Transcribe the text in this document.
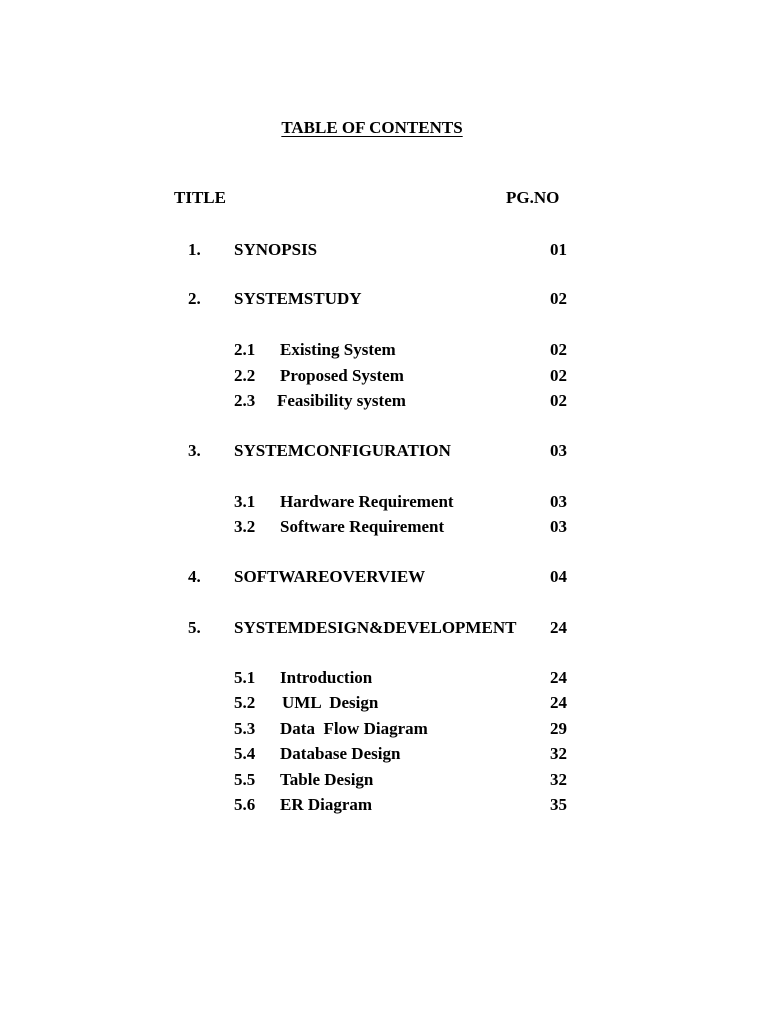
TABLE OF CONTENTS
TITLE	PG.NO
1. SYNOPSIS	01
2. SYSTEMSTUDY	02
2.1 Existing System	02
2.2 Proposed System	02
2.3 Feasibility system	02
3. SYSTEMCONFIGURATION	03
3.1 Hardware Requirement	03
3.2 Software Requirement	03
4. SOFTWAREOVERVIEW	04
5. SYSTEMDESIGN&DEVELOPMENT 24
5.1 Introduction	24
5.2 UML  Design	24
5.3 Data  Flow Diagram	29
5.4 Database Design	32
5.5 Table Design	32
5.6 ER Diagram	35
